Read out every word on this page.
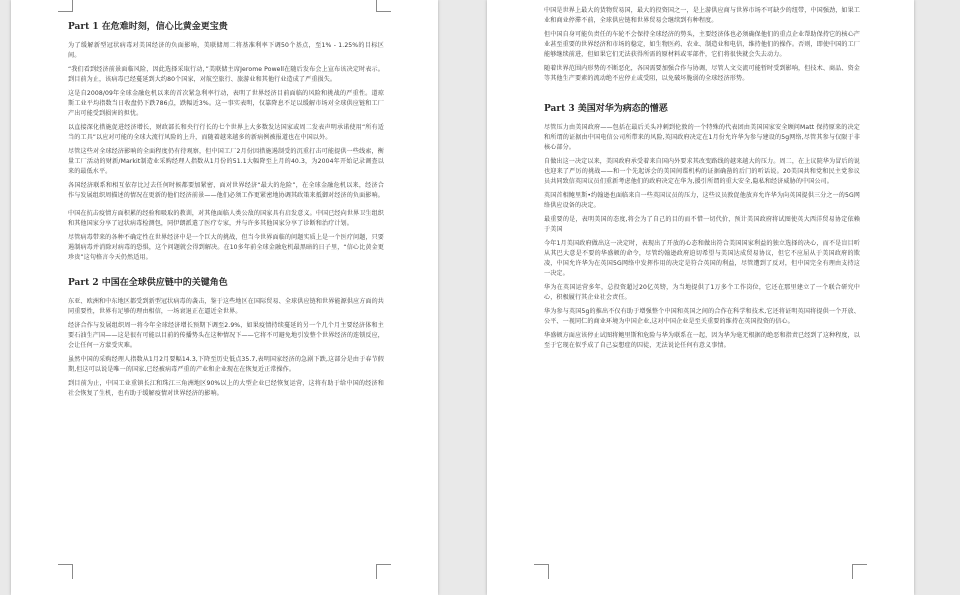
Part 1 在危难时刻，信心比黄金更宝贵

为了缓解新型冠状病毒对美国经济的负面影响，美联储周二将基准利率下调50个基点，至1% - 1.25%的目标区间。

“我们看到经济前景面临风险，因此选择采取行动，”美联储主席Jerome Powell在随后发布会上宣布该决定时表示。到目前为止，该病毒已经蔓延到大约80个国家，对航空旅行、旅游业和其他行业造成了严重损失。

这是自2008/09年全球金融危机以来的首次紧急利率行动，表明了世界经济目前面临的风险和挑战的严重性。道琼斯工业平均指数当日收盘仍下跌786点，跌幅近3%。这一事实表明，仅靠降息不足以缓解市场对全球供应链和工厂产出可能受到损害的担忧。

以直接深化措施促进经济增长，财政部长和央行行长的七个世界上大多数发达国家或周二发表声明承诺使用“所有适当的工具”以应对可能的全球大流行风险的上升，而随着越来越多的新病例被报道也在中国以外。

尽管这些对全球经济影响的全面程度仍有待观察，但中国工厂2月份因措施遏制受的沉重打击可能提供一些线索，衡量工厂活动的财新/Markit制造业采购经理人指数从1月份的51.1大幅降至上月的40.3，为2004年开始记录调查以来的最低水平。

各国经济联系和相互依存比过去任何时候都要加紧密，面对世界经济“最大的危险”，在全球金融危机以来，经济合作与发展组织周描述的情况在更新的他们经济前景——他们必须工作更紧密地协调其政策来抵御对经济的负面影响。

中国在抗击疫情方面积累的经验和吸取的教训，对其他面临人类公敌的国家具有启发意义。中国已经向世界卫生组织和其他国家分享了冠状病毒检测包，同伊朗派遣了医疗专家，并与许多其他国家分享了诊断和治疗计划。

尽管病毒带来的各种不确定性在世界经济中是一个巨大的挑战，但当今世界面临的问题实质上是一个医疗问题，只要遏制病毒并消除对病毒的恐惧，这个问题就会得到解决。在10多年前全球金融危机最黑暗的日子里，“信心比黄金更珍贵”这句格言今天仍然适用。

Part 2 中国在全球供应链中的关键角色

东亚、欧洲和中东地区都受到新型冠状病毒的袭击，鉴于这些地区在国际贸易、全球供应链和世界能源供应方面的共同重要性，世界有足够的理由相信，一场衰退正在逼近全世界。

经济合作与发展组织周一将今年全球经济增长预期下调至2.9%，如果疫情持续蔓延的另一个几个月主要经济体和主要石油生产国——这是很有可能以目前的传播势头在这种情况下——它将不可避免地引发整个世界经济的连锁反应，会让任何一方蒙受灾难。

虽然中国的采购经理人指数从1月2月要幅14.3,下降至历史低点35.7,表明国家经济的急剧下跌,这部分是由于春节假期,但这可以说是唯一的国家,已经被病毒严重的产业和企业现在在恢复近正常操作。

到目前为止，中国工业重镇长江和珠江三角洲地区90%以上的大型企业已经恢复运营，这将有助于给中国的经济和社会恢复了生机，也有助于缓解疫情对世界经济的影响。

中国是世界上最大的货物贸易国，最大的投资国之一，是上游供应商与世界市场不可缺少的纽带，中国强劲，如果工业和商业停滞不前，全球供应链和世界贸易会继续到有种程度。

但中国自身可能负责任的车轮不会保持全球经济的势头，主要经济体也必须确保他们的重点企业帮助保持它的核心产业甚至重要的世界经济和市场的稳定，如生物医药、农业、制造业和电信，维持他们的操作。否则，即使中国的工厂能够继续前进，但如果它们无法获得所需的原材料或零部件，它们将很快就会失去动力。

随着世界范围内形势的不断恶化，各国需要加强合作与协调，尽管人文交流可能暂时受到影响，但技术、商品、资金等其他生产要素的流动绝不应停止或受阻，以免破坏脆弱的全球经济形势。

Part 3 美国对华为病态的憎恶

尽管压力由美国政府——包括在最后关头冲刺到伦敦的一个特殊的代表团由美国国家安全顾问Matt 保持原来的决定和所谓的证据由中国电信公司所带来的风险,英国政府决定在1月份允许华为参与建设的5g网络,尽管其参与仅限于非核心部分。

自做出这一决定以来，美国政府承受着来自国内外要求其改变路线的越来越大的压力。周二，在上议院华为冒后的说也迎来了严厉的挑战——和一个先起诉会的美国间谍机构的证据确凿的后门的听话说。20美国共和党和民主党参议员共同致信英国议员们重新考虑他们的政府决定在华为,援引所谓的重大安全,隐私和经济威胁的中国公司。

英国首相鲍里斯•约翰逊也面临来自一些英国议员的压力，这些议员敦促他放弃允许华为向英国提供三分之一的5G网络供应设备的决定。

最重要的是，表明美国的态度,将会为了自己的目的而不惜一切代价，预计美国政府将试图使英大西洋贸易协定依赖于美国

今年1月美国政府做出这一决定时，表现出了开放的心态和做出符合美国国家利益的独立选择的决心，而不是盲目听从其巴大意是不要的华盛顿的命令，尽管约翰逊政府迫切希望与美国达成贸易协议，但它不应屈从于美国政府的欺凌，中国允许华为在英国5G网络中发挥作用的决定是符合英国的利益，尽管遭到了反对，但中国完全有理由支持这一决定。

华为在英国运营多年，总投资超过20亿英镑，为当地提供了1万多个工作岗位，它还在那里建立了一个联合研究中心，积极履行其企业社会责任。

华为参与英国5g的推出不仅有助于增强整个中国和英国之间的合作在科学和技术,它还将证明英国将提供一个开放、公平、一视同仁的商业环境为中国企业,这对中国企业是至关重要的维持在英国投资的信心。

华盛顿方面应该停止试图将鲍里斯和危险与华为联系在一起，因为华为毫无根据的绝恶和指责已经到了这种程度，以至于它现在似乎成了自己妄想症的囚徒，无法说论任何有意义事情。
